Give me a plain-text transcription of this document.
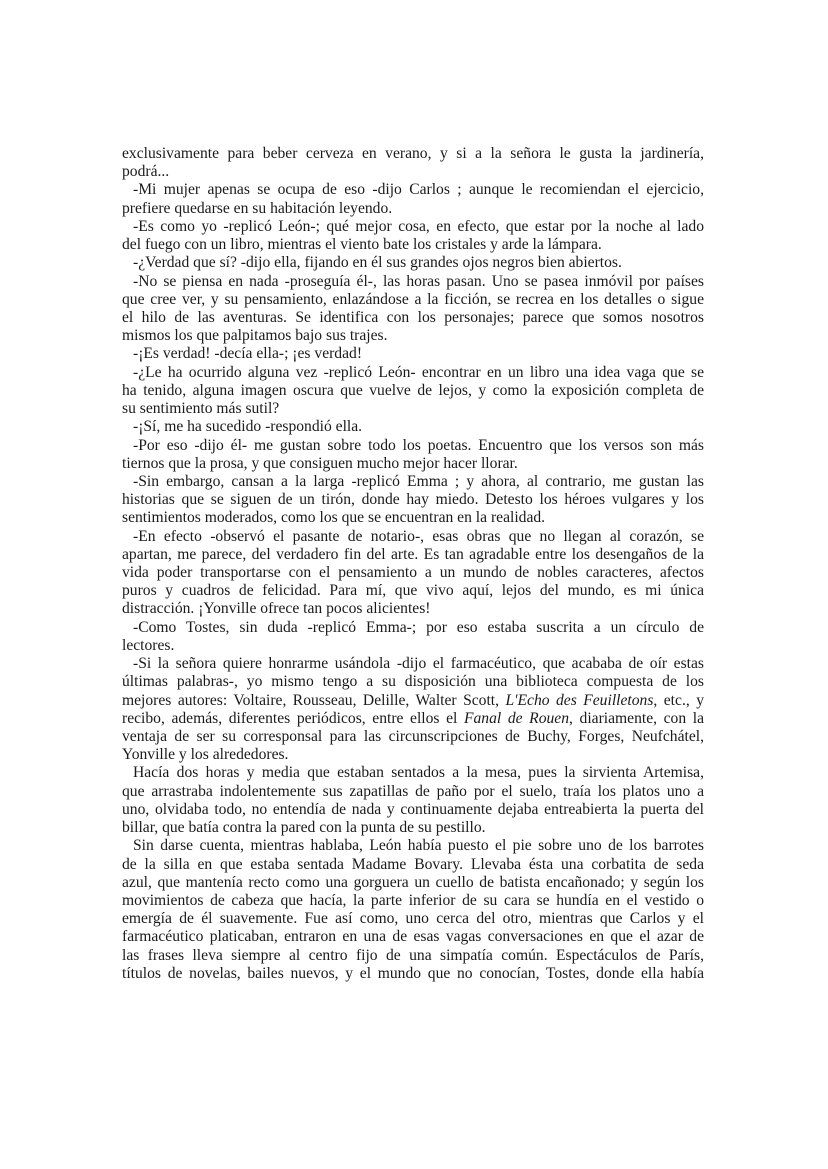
exclusivamente para beber cerveza en verano, y si a la señora le gusta la jardinería,
podrá...
-Mi mujer apenas se ocupa de eso -dijo Carlos ; aunque le recomiendan el ejercicio,
prefiere quedarse en su habitación leyendo.
-Es como yo -replicó León-; qué mejor cosa, en efecto, que estar por la noche al lado
del fuego con un libro, mientras el viento bate los cristales y arde la lámpara.
-¿Verdad que sí? -dijo ella, fijando en él sus grandes ojos negros bien abiertos.
-No se piensa en nada -proseguía él-, las horas pasan. Uno se pasea inmóvil por países
que cree ver, y su pensamiento, enlazándose a la ficción, se recrea en los detalles o sigue
el hilo de las aventuras. Se identifica con los personajes; parece que somos nosotros
mismos los que palpitamos bajo sus trajes.
-¡Es verdad! -decía ella-; ¡es verdad!
-¿Le ha ocurrido alguna vez -replicó León- encontrar en un libro una idea vaga que se
ha tenido, alguna imagen oscura que vuelve de lejos, y como la exposición completa de
su sentimiento más sutil?
-¡Sí, me ha sucedido -respondió ella.
-Por eso -dijo él- me gustan sobre todo los poetas. Encuentro que los versos son más
tiernos que la prosa, y que consiguen mucho mejor hacer llorar.
-Sin embargo, cansan a la larga -replicó Emma ; y ahora, al contrario, me gustan las
historias que se siguen de un tirón, donde hay miedo. Detesto los héroes vulgares y los
sentimientos moderados, como los que se encuentran en la realidad.
-En efecto -observó el pasante de notario-, esas obras que no llegan al corazón, se
apartan, me parece, del verdadero fin del arte. Es tan agradable entre los desengaños de la
vida poder transportarse con el pensamiento a un mundo de nobles caracteres, afectos
puros y cuadros de felicidad. Para mí, que vivo aquí, lejos del mundo, es mi única
distracción. ¡Yonville ofrece tan pocos alicientes!
-Como Tostes, sin duda -replicó Emma-; por eso estaba suscrita a un círculo de
lectores.
-Si la señora quiere honrarme usándola -dijo el farmacéutico, que acababa de oír estas
últimas palabras-, yo mismo tengo a su disposición una biblioteca compuesta de los
mejores autores: Voltaire, Rousseau, Delille, Walter Scott, L'Echo des Feuilletons, etc., y
recibo, además, diferentes periódicos, entre ellos el Fanal de Rouen, diariamente, con la
ventaja de ser su corresponsal para las circunscripciones de Buchy, Forges, Neufchátel,
Yonville y los alrededores.
Hacía dos horas y media que estaban sentados a la mesa, pues la sirvienta Artemisa,
que arrastraba indolentemente sus zapatillas de paño por el suelo, traía los platos uno a
uno, olvidaba todo, no entendía de nada y continuamente dejaba entreabierta la puerta del
billar, que batía contra la pared con la punta de su pestillo.
Sin darse cuenta, mientras hablaba, León había puesto el pie sobre uno de los barrotes
de la silla en que estaba sentada Madame Bovary. Llevaba ésta una corbatita de seda
azul, que mantenía recto como una gorguera un cuello de batista encañonado; y según los
movimientos de cabeza que hacía, la parte inferior de su cara se hundía en el vestido o
emergía de él suavemente. Fue así como, uno cerca del otro, mientras que Carlos y el
farmacéutico platicaban, entraron en una de esas vagas conversaciones en que el azar de
las frases lleva siempre al centro fijo de una simpatía común. Espectáculos de París,
títulos de novelas, bailes nuevos, y el mundo que no conocían, Tostes, donde ella había
